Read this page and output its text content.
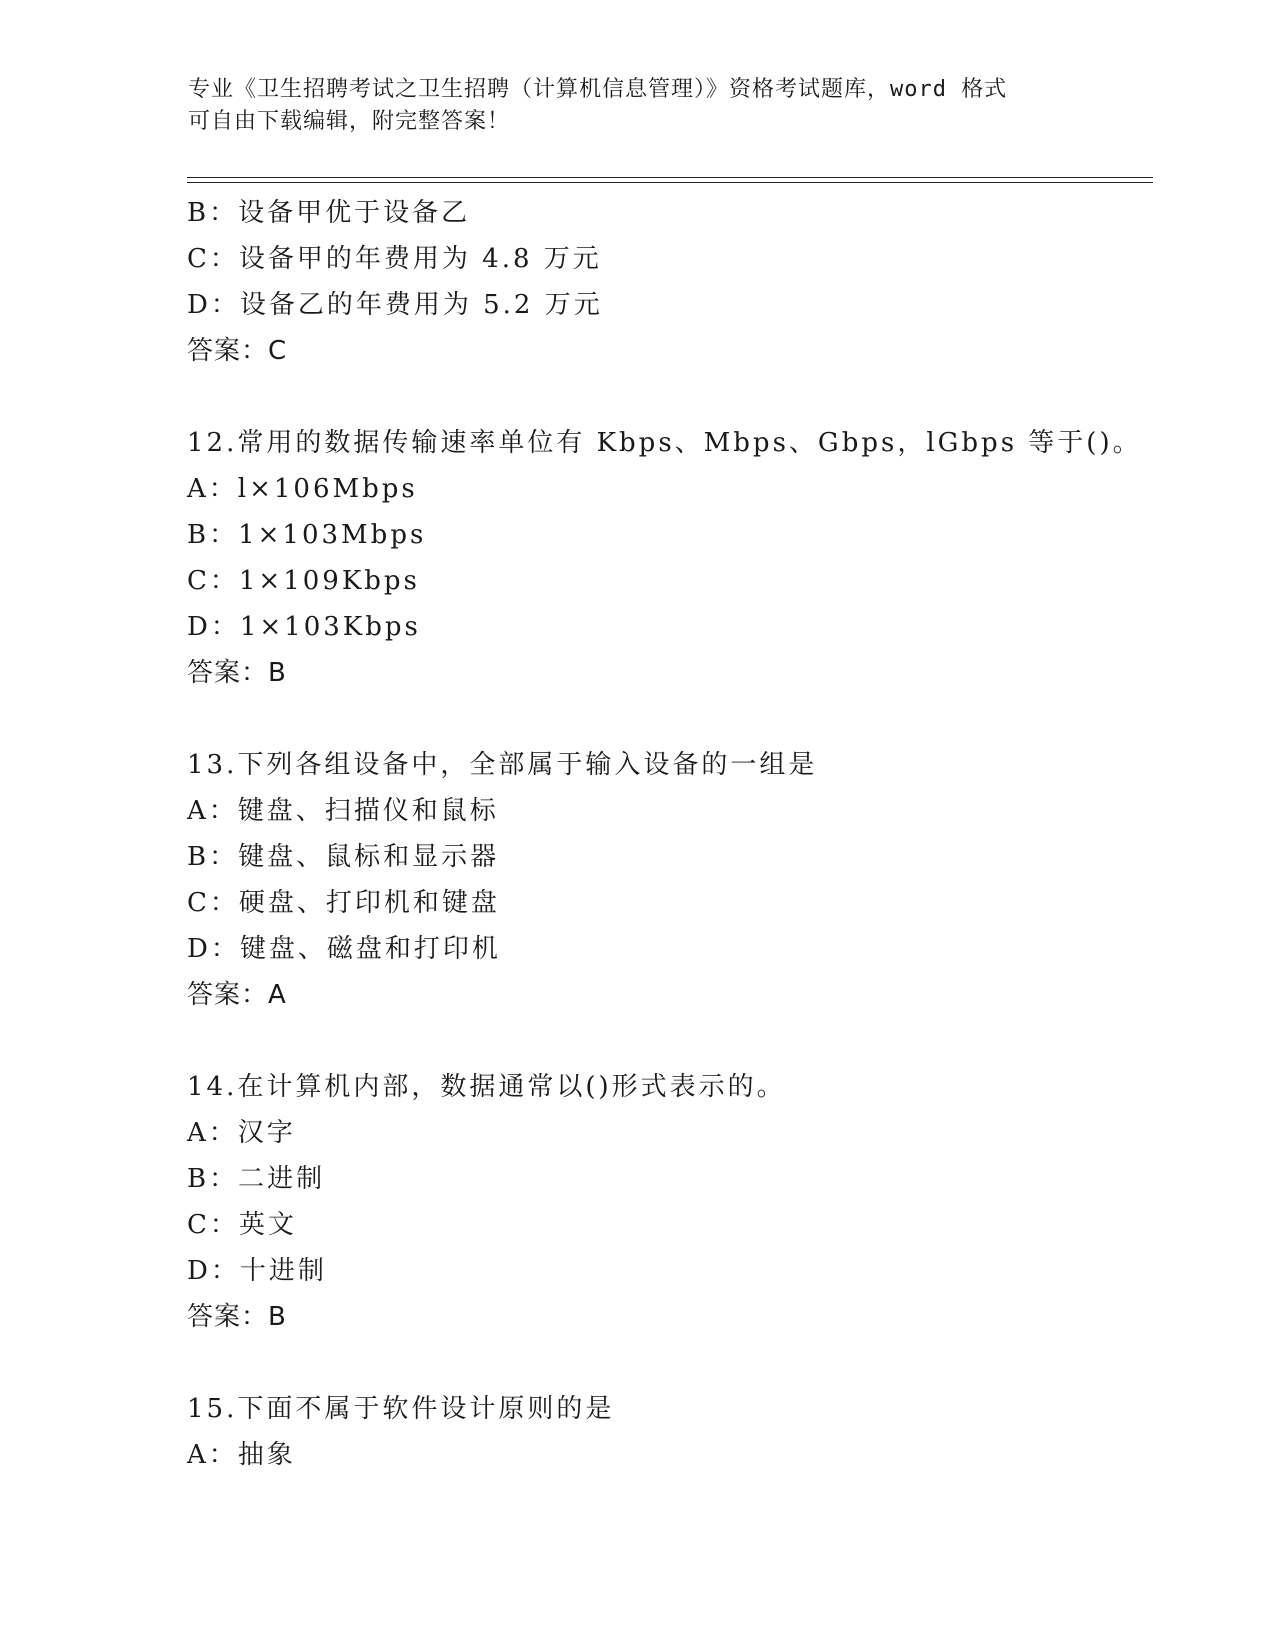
专业《卫生招聘考试之卫生招聘（计算机信息管理）》资格考试题库，word 格式
可自由下载编辑，附完整答案！
B：设备甲优于设备乙
C：设备甲的年费用为 4.8 万元
D：设备乙的年费用为 5.2 万元
答案：C
12.常用的数据传输速率单位有 Kbps、Mbps、Gbps，lGbps 等于()。
A：l×106Mbps
B：1×103Mbps
C：1×109Kbps
D：1×103Kbps
答案：B
13.下列各组设备中，全部属于输入设备的一组是
A：键盘、扫描仪和鼠标
B：键盘、鼠标和显示器
C：硬盘、打印机和键盘
D：键盘、磁盘和打印机
答案：A
14.在计算机内部，数据通常以()形式表示的。
A：汉字
B：二进制
C：英文
D：十进制
答案：B
15.下面不属于软件设计原则的是
A：抽象
